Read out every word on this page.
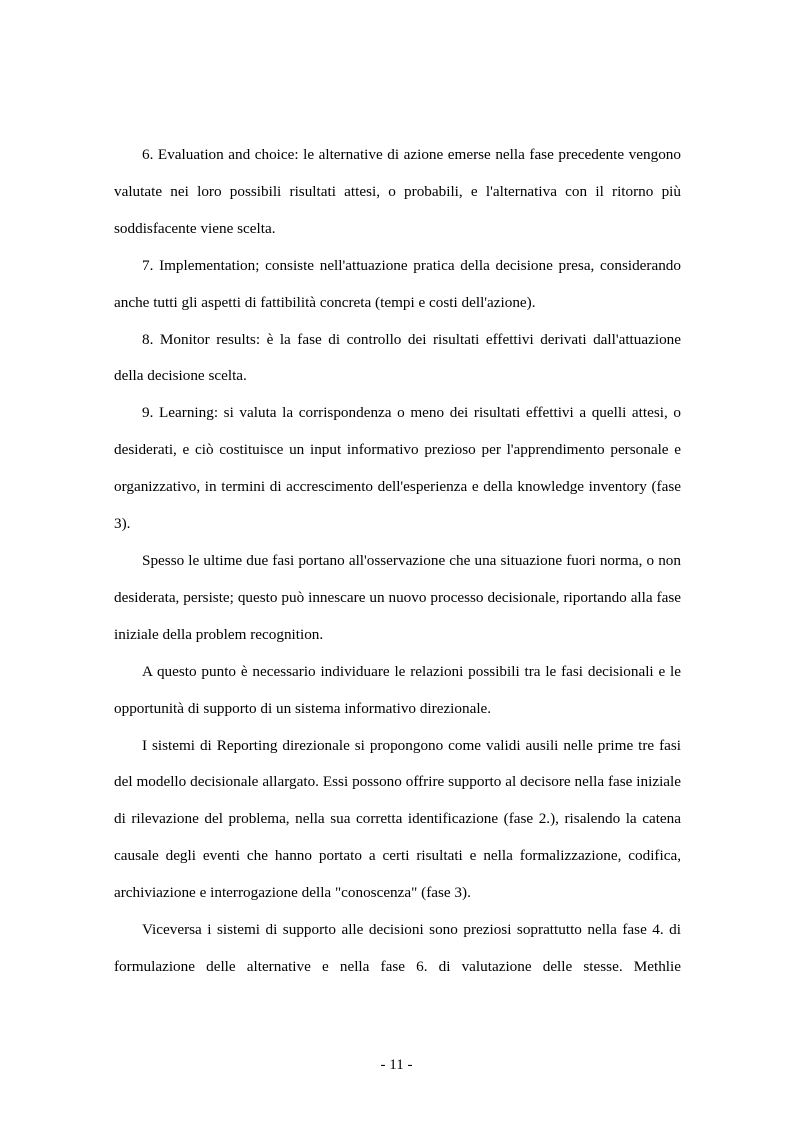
6. Evaluation and choice: le alternative di azione emerse nella fase precedente vengono valutate nei loro possibili risultati attesi, o probabili, e l'alternativa con il ritorno più soddisfacente viene scelta.

7. Implementation; consiste nell'attuazione pratica della decisione presa, considerando anche tutti gli aspetti di fattibilità concreta (tempi e costi dell'azione).

8. Monitor results: è la fase di controllo dei risultati effettivi derivati dall'attuazione della decisione scelta.

9. Learning: si valuta la corrispondenza o meno dei risultati effettivi a quelli attesi, o desiderati, e ciò costituisce un input informativo prezioso per l'apprendimento personale e organizzativo, in termini di accrescimento dell'esperienza e della knowledge inventory (fase 3).

Spesso le ultime due fasi portano all'osservazione che una situazione fuori norma, o non desiderata, persiste; questo può innescare un nuovo processo decisionale, riportando alla fase iniziale della problem recognition.

A questo punto è necessario individuare le relazioni possibili tra le fasi decisionali e le opportunità di supporto di un sistema informativo direzionale.

I sistemi di Reporting direzionale si propongono come validi ausili nelle prime tre fasi del modello decisionale allargato. Essi possono offrire supporto al decisore nella fase iniziale di rilevazione del problema, nella sua corretta identificazione (fase 2.), risalendo la catena causale degli eventi che hanno portato a certi risultati e nella formalizzazione, codifica, archiviazione e interrogazione della "conoscenza" (fase 3).

Viceversa i sistemi di supporto alle decisioni sono preziosi soprattutto nella fase 4. di formulazione delle alternative e nella fase 6. di valutazione delle stesse. Methlie

- 11 -
